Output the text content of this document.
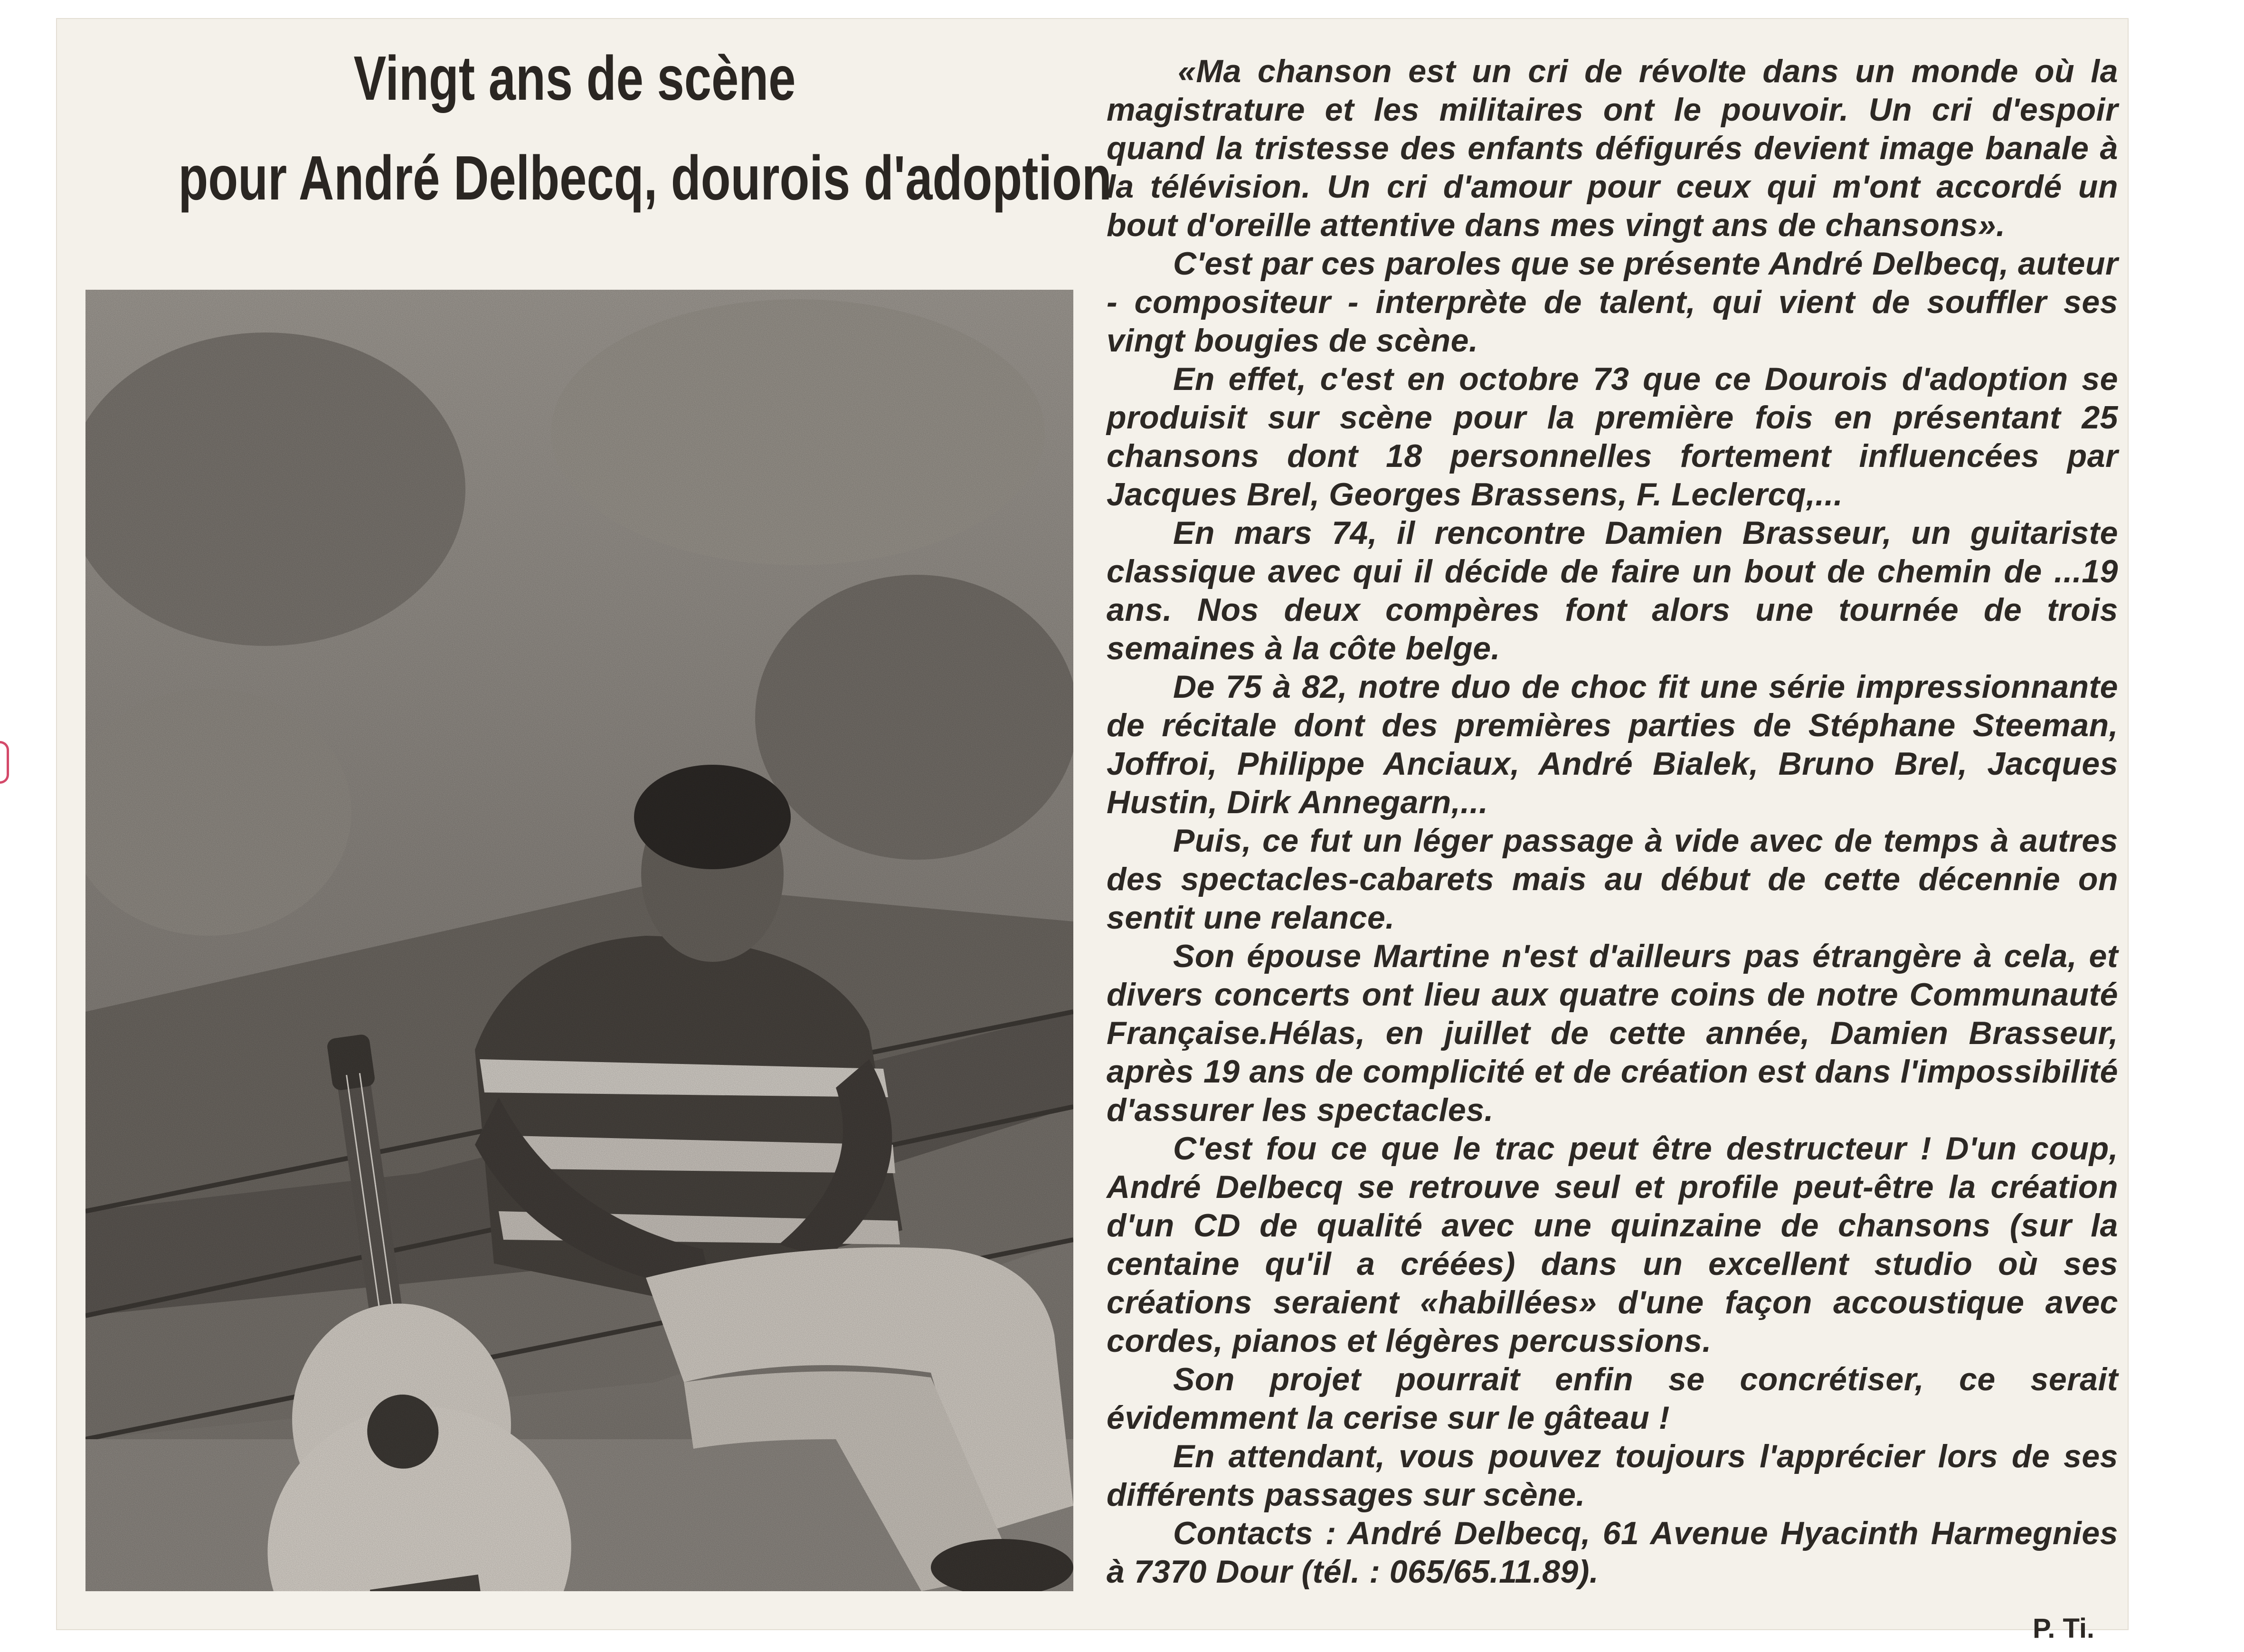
Vingt ans de scène
pour André Delbecq, dourois d'adoption

«Ma chanson est un cri de révolte dans un monde où la magistrature et les militaires ont le pouvoir. Un cri d'espoir quand la tristesse des enfants défigurés devient image banale à la télévision. Un cri d'amour pour ceux qui m'ont accordé un bout d'oreille attentive dans mes vingt ans de chansons».

C'est par ces paroles que se présente André Delbecq, auteur - compositeur - interprète de talent, qui vient de souffler ses vingt bougies de scène.

En effet, c'est en octobre 73 que ce Dourois d'adoption se produisit sur scène pour la première fois en présentant 25 chansons dont 18 personnelles fortement influencées par Jacques Brel, Georges Brassens, F. Leclercq,...

En mars 74, il rencontre Damien Brasseur, un guitariste classique avec qui il décide de faire un bout de chemin de ...19 ans. Nos deux compères font alors une tournée de trois semaines à la côte belge.

De 75 à 82, notre duo de choc fit une série impressionnante de récitale dont des premières parties de Stéphane Steeman, Joffroi, Philippe Anciaux, André Bialek, Bruno Brel, Jacques Hustin, Dirk Annegarn,...

Puis, ce fut un léger passage à vide avec de temps à autres des spectacles-cabarets mais au début de cette décennie on sentit une relance.

Son épouse Martine n'est d'ailleurs pas étrangère à cela, et divers concerts ont lieu aux quatre coins de notre Communauté Française.Hélas, en juillet de cette année, Damien Brasseur, après 19 ans de complicité et de création est dans l'impossibilité d'assurer les spectacles.

C'est fou ce que le trac peut être destructeur ! D'un coup, André Delbecq se retrouve seul et profile peut-être la création d'un CD de qualité avec une quinzaine de chansons (sur la centaine qu'il a créées) dans un excellent studio où ses créations seraient «habillées» d'une façon accoustique avec cordes, pianos et légères percussions.

Son projet pourrait enfin se concrétiser, ce serait évidemment la cerise sur le gâteau !

En attendant, vous pouvez toujours l'apprécier lors de ses différents passages sur scène.

Contacts : André Delbecq, 61 Avenue Hyacinth Harmegnies à 7370 Dour (tél. : 065/65.11.89).

P. Ti.
